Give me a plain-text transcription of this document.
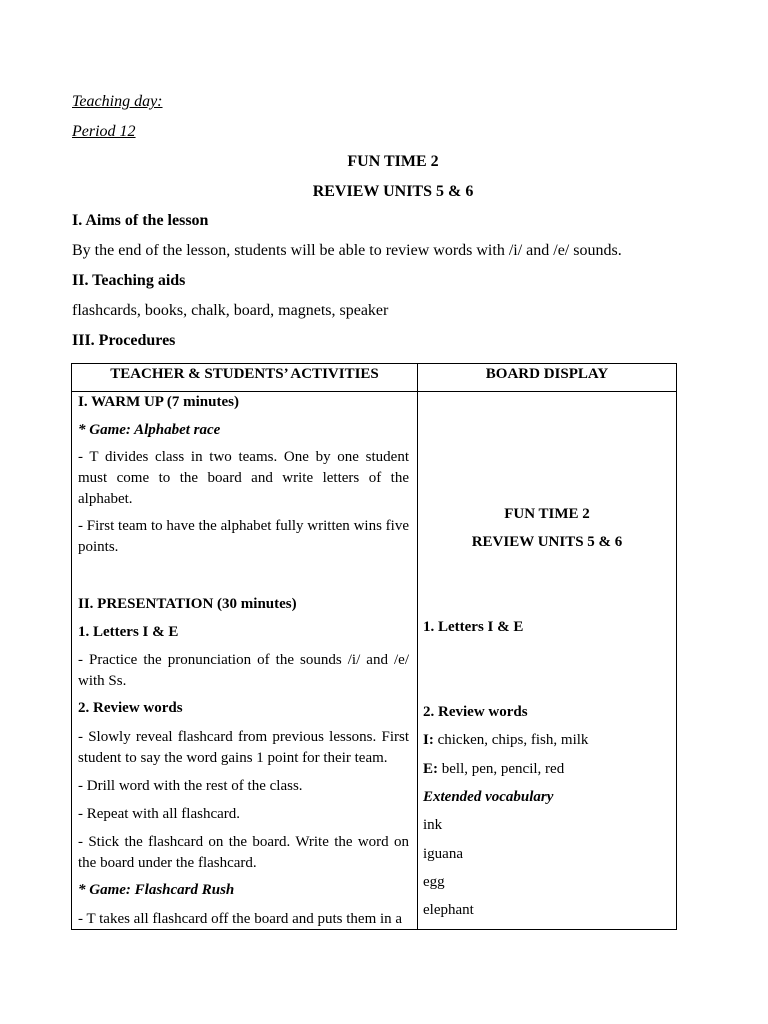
Teaching day:
Period 12
FUN TIME 2
REVIEW UNITS 5 & 6
I. Aims of the lesson
By the end of the lesson, students will be able to review words with /i/ and /e/ sounds.
II. Teaching aids
flashcards, books, chalk, board, magnets, speaker
III. Procedures
TEACHER & STUDENTS’ ACTIVITIES	BOARD DISPLAY
I. WARM UP (7 minutes)
* Game: Alphabet race
- T divides class in two teams. One by one student must come to the board and write letters of the alphabet.
- First team to have the alphabet fully written wins five points.
II. PRESENTATION (30 minutes)
1. Letters I & E
- Practice the pronunciation of the sounds /i/ and /e/ with Ss.
2. Review words
- Slowly reveal flashcard from previous lessons. First student to say the word gains 1 point for their team.
- Drill word with the rest of the class.
- Repeat with all flashcard.
- Stick the flashcard on the board. Write the word on the board under the flashcard.
* Game: Flashcard Rush
- T takes all flashcard off the board and puts them in a
FUN TIME 2
REVIEW UNITS 5 & 6
1. Letters I & E
2. Review words
I: chicken, chips, fish, milk
E: bell, pen, pencil, red
Extended vocabulary
ink
iguana
egg
elephant
